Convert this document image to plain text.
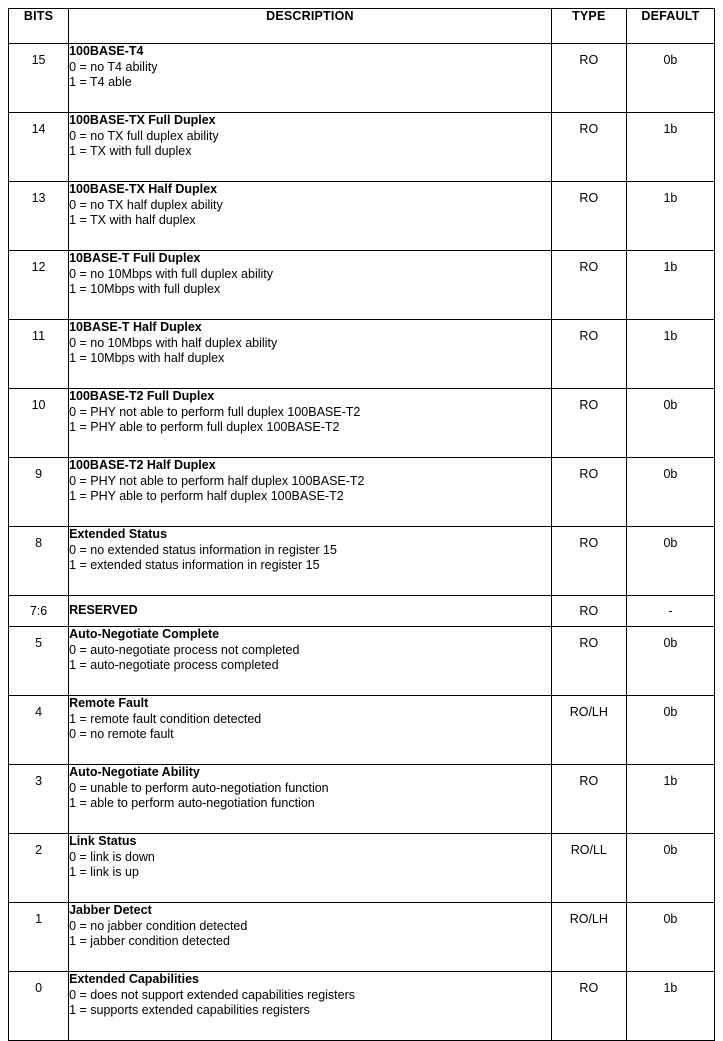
BITS	DESCRIPTION	TYPE	DEFAULT
15	100BASE-T4
0 = no T4 ability
1 = T4 able	RO	0b
14	100BASE-TX Full Duplex
0 = no TX full duplex ability
1 = TX with full duplex	RO	1b
13	100BASE-TX Half Duplex
0 = no TX half duplex ability
1 = TX with half duplex	RO	1b
12	10BASE-T Full Duplex
0 = no 10Mbps with full duplex ability
1 = 10Mbps with full duplex	RO	1b
11	10BASE-T Half Duplex
0 = no 10Mbps with half duplex ability
1 = 10Mbps with half duplex	RO	1b
10	100BASE-T2 Full Duplex
0 = PHY not able to perform full duplex 100BASE-T2
1 = PHY able to perform full duplex 100BASE-T2	RO	0b
9	100BASE-T2 Half Duplex
0 = PHY not able to perform half duplex 100BASE-T2
1 = PHY able to perform half duplex 100BASE-T2	RO	0b
8	Extended Status
0 = no extended status information in register 15
1 = extended status information in register 15	RO	0b
7:6	RESERVED	RO	-
5	Auto-Negotiate Complete
0 = auto-negotiate process not completed
1 = auto-negotiate process completed	RO	0b
4	Remote Fault
1 = remote fault condition detected
0 = no remote fault	RO/LH	0b
3	Auto-Negotiate Ability
0 = unable to perform auto-negotiation function
1 = able to perform auto-negotiation function	RO	1b
2	Link Status
0 = link is down
1 = link is up	RO/LL	0b
1	Jabber Detect
0 = no jabber condition detected
1 = jabber condition detected	RO/LH	0b
0	Extended Capabilities
0 = does not support extended capabilities registers
1 = supports extended capabilities registers	RO	1b
